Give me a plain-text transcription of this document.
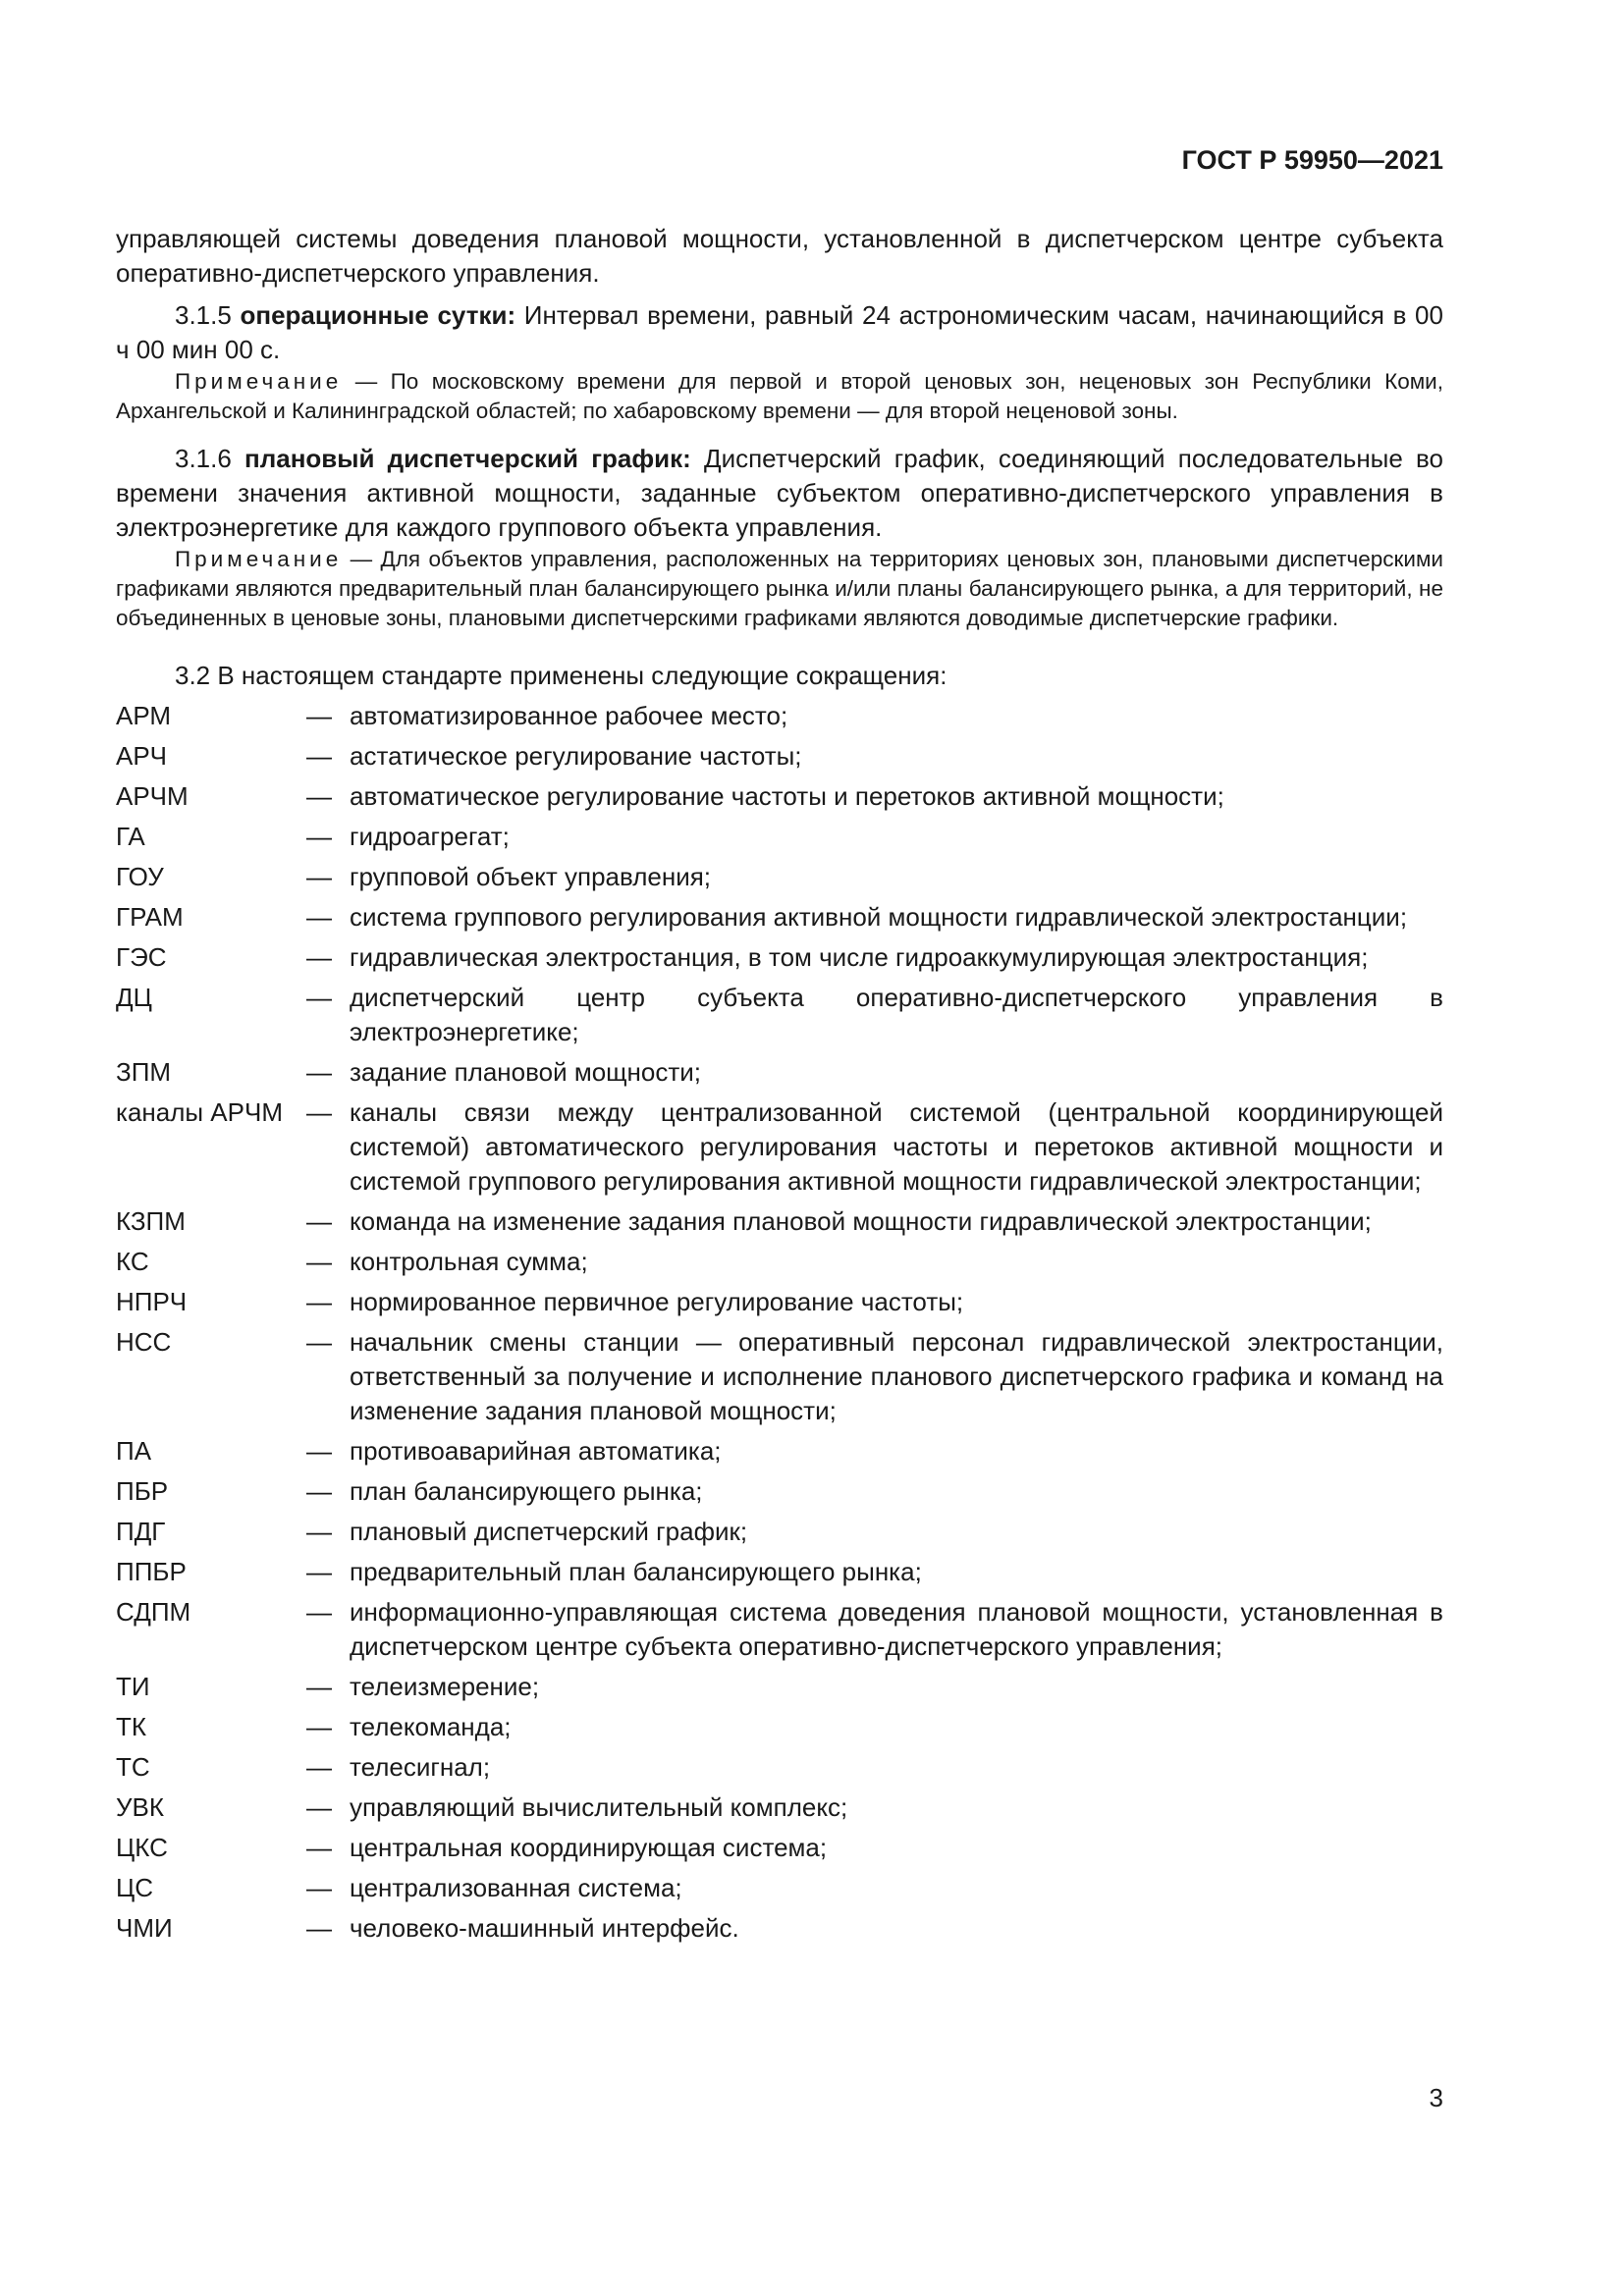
ГОСТ Р 59950—2021

управляющей системы доведения плановой мощности, установленной в диспетчерском центре субъекта оперативно-диспетчерского управления.

3.1.5 операционные сутки: Интервал времени, равный 24 астрономическим часам, начинающийся в 00 ч 00 мин 00 с.

Примечание — По московскому времени для первой и второй ценовых зон, неценовых зон Республики Коми, Архангельской и Калининградской областей; по хабаровскому времени — для второй неценовой зоны.

3.1.6 плановый диспетчерский график: Диспетчерский график, соединяющий последовательные во времени значения активной мощности, заданные субъектом оперативно-диспетчерского управления в электроэнергетике для каждого группового объекта управления.

Примечание — Для объектов управления, расположенных на территориях ценовых зон, плановыми диспетчерскими графиками являются предварительный план балансирующего рынка и/или планы балансирующего рынка, а для территорий, не объединенных в ценовые зоны, плановыми диспетчерскими графиками являются доводимые диспетчерские графики.

3.2 В настоящем стандарте применены следующие сокращения:

АРМ	— автоматизированное рабочее место;
АРЧ	— астатическое регулирование частоты;
АРЧМ	— автоматическое регулирование частоты и перетоков активной мощности;
ГА	— гидроагрегат;
ГОУ	— групповой объект управления;
ГРАМ	— система группового регулирования активной мощности гидравлической электростанции;
ГЭС	— гидравлическая электростанция, в том числе гидроаккумулирующая электростанция;
ДЦ	— диспетчерский центр субъекта оперативно-диспетчерского управления в электроэнергетике;
ЗПМ	— задание плановой мощности;
каналы АРЧМ — каналы связи между централизованной системой (центральной координирующей системой) автоматического регулирования частоты и перетоков активной мощности и системой группового регулирования активной мощности гидравлической электростанции;
КЗПМ	— команда на изменение задания плановой мощности гидравлической электростанции;
КС	— контрольная сумма;
НПРЧ	— нормированное первичное регулирование частоты;
НСС	— начальник смены станции — оперативный персонал гидравлической электростанции, ответственный за получение и исполнение планового диспетчерского графика и команд на изменение задания плановой мощности;
ПА	— противоаварийная автоматика;
ПБР	— план балансирующего рынка;
ПДГ	— плановый диспетчерский график;
ППБР	— предварительный план балансирующего рынка;
СДПМ	— информационно-управляющая система доведения плановой мощности, установленная в диспетчерском центре субъекта оперативно-диспетчерского управления;
ТИ	— телеизмерение;
ТК	— телекоманда;
ТС	— телесигнал;
УВК	— управляющий вычислительный комплекс;
ЦКС	— центральная координирующая система;
ЦС	— централизованная система;
ЧМИ	— человеко-машинный интерфейс.
3
